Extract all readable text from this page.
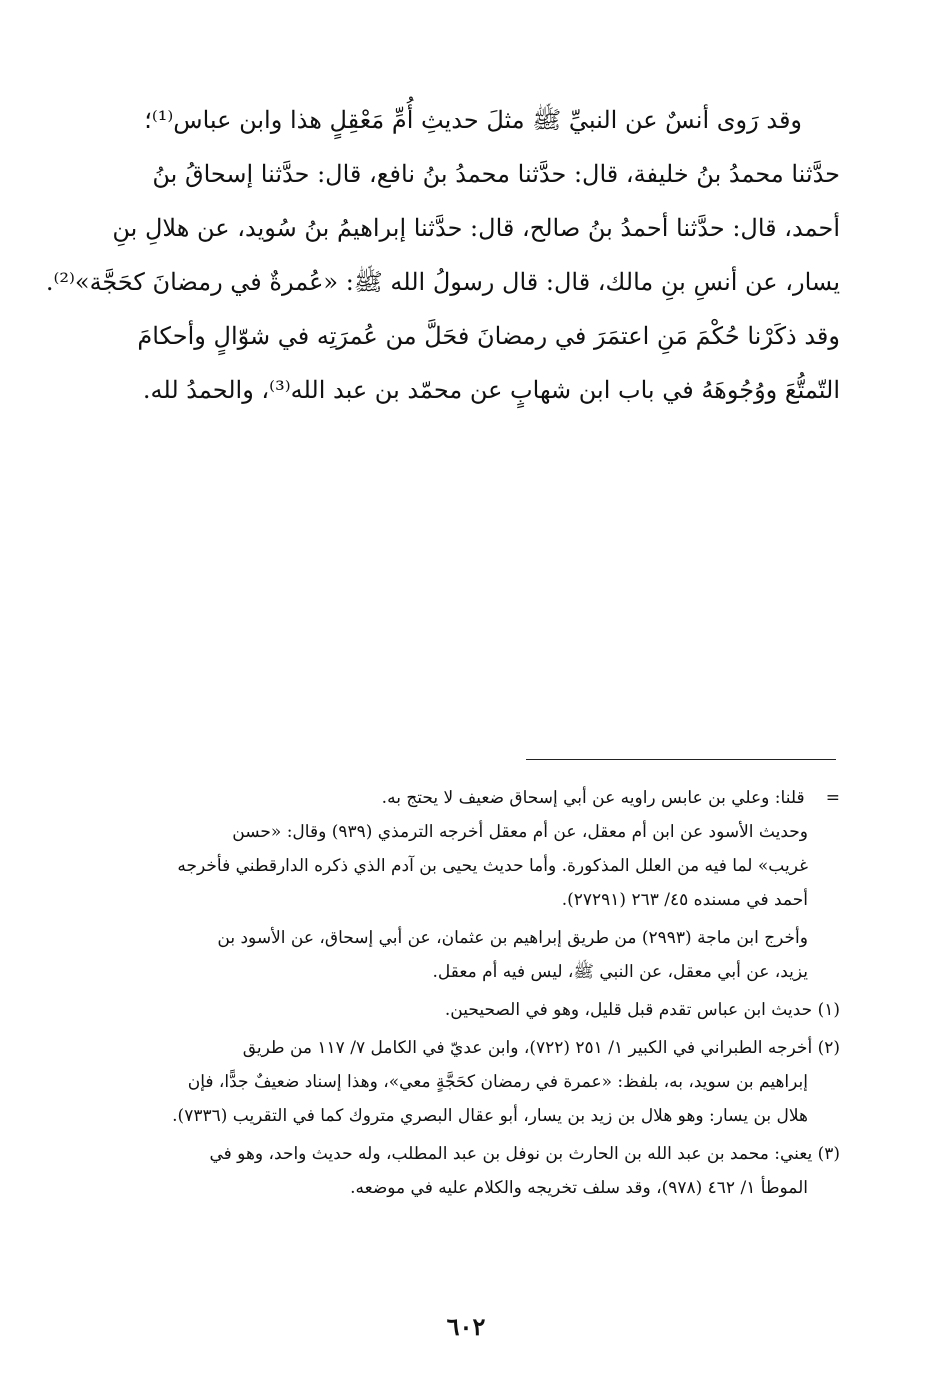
وقد رَوى أنسٌ عن النبيِّ ﷺ مثلَ حديثِ أُمِّ مَعْقِلٍ هذا وابن عباس⁽¹⁾؛
حدَّثنا محمدُ بنُ خليفة، قال: حدَّثنا محمدُ بنُ نافع، قال: حدَّثنا إسحاقُ بنُ
أحمد، قال: حدَّثنا أحمدُ بنُ صالح، قال: حدَّثنا إبراهيمُ بنُ سُويد، عن هلالِ بنِ
يسار، عن أنسِ بنِ مالك، قال: قال رسولُ الله ﷺ: «عُمرةٌ في رمضانَ كحَجَّة»⁽²⁾.
وقد ذكَرْنا حُكْمَ مَنِ اعتمَرَ في رمضانَ فحَلَّ من عُمرَتِه في شوّالٍ وأحكامَ
التّمتُّعَ ووُجُوهَهُ في باب ابن شهابٍ عن محمّد بن عبد الله⁽³⁾، والحمدُ لله.
= قلنا: وعلي بن عابس راويه عن أبي إسحاق ضعيف لا يحتج به.
وحديث الأسود عن ابن أم معقل، عن أم معقل أخرجه الترمذي (٩٣٩) وقال: «حسن
غريب» لما فيه من العلل المذكورة. وأما حديث يحيى بن آدم الذي ذكره الدارقطني فأخرجه
أحمد في مسنده ٤٥/ ٢٦٣ (٢٧٢٩١).
وأخرج ابن ماجة (٢٩٩٣) من طريق إبراهيم بن عثمان، عن أبي إسحاق، عن الأسود بن
يزيد، عن أبي معقل، عن النبي ﷺ، ليس فيه أم معقل.
(١) حديث ابن عباس تقدم قبل قليل، وهو في الصحيحين.
(٢) أخرجه الطبراني في الكبير ١/ ٢٥١ (٧٢٢)، وابن عديّ في الكامل ٧/ ١١٧ من طريق
إبراهيم بن سويد، به، بلفظ: «عمرة في رمضان كحَجَّةٍ معي»، وهذا إسناد ضعيفٌ جدًّا، فإن
هلال بن يسار: وهو هلال بن زيد بن يسار، أبو عقال البصري متروك كما في التقريب (٧٣٣٦).
(٣) يعني: محمد بن عبد الله بن الحارث بن نوفل بن عبد المطلب، وله حديث واحد، وهو في
الموطأ ١/ ٤٦٢ (٩٧٨)، وقد سلف تخريجه والكلام عليه في موضعه.
٦٠٢
